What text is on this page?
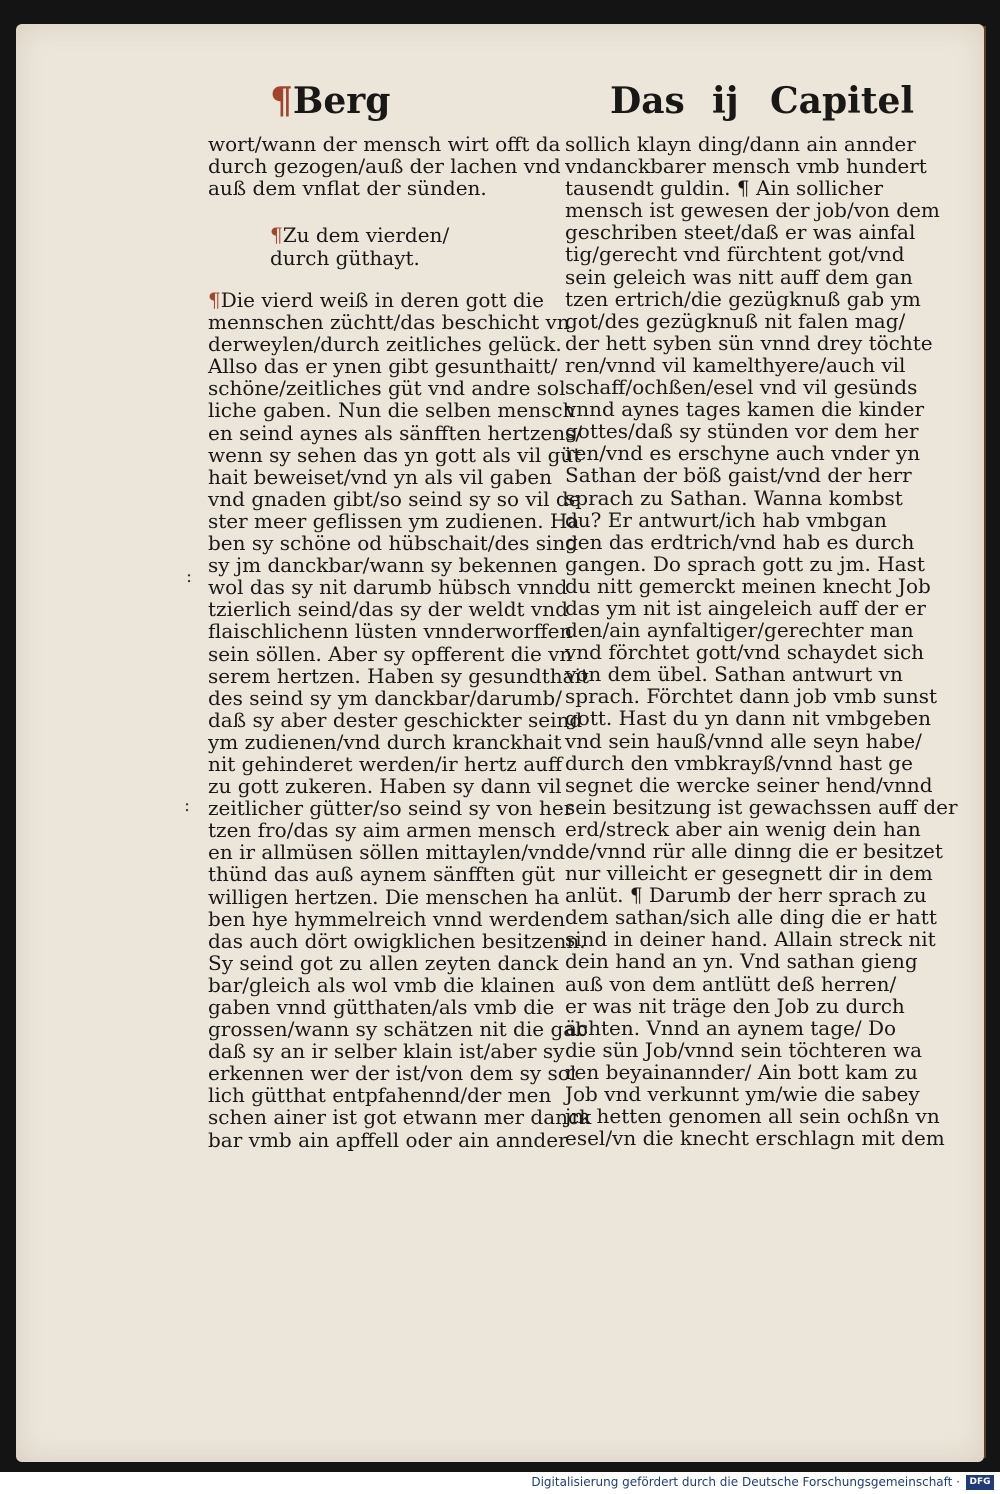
¶Berg	Das ij Capitel
wort/wann der mensch wirt offt da
durch gezogen/auß der lachen vnd
auß dem vnflat der sünden.
¶Zu dem vierden/
durch güthayt.
¶Die vierd weiß in deren gott die
mennschen züchtt/das beschicht vn
derweylen/durch zeitliches gelück.
Allso das er ynen gibt gesunthaitt/
schöne/zeitliches güt vnd andre sol
liche gaben. Nun die selben mensch
en seind aynes als sänfften hertzens/
wenn sy sehen das yn gott als vil güt
hait beweiset/vnd yn als vil gaben
vnd gnaden gibt/so seind sy so vil de
ster meer geflissen ym zudienen. Ha
ben sy schöne od hübschait/des sind
sy jm danckbar/wann sy bekennen
wol das sy nit darumb hübsch vnnd
tzierlich seind/das sy der weldt vnd
flaischlichenn lüsten vnnderworffen
sein söllen. Aber sy opfferent die vn
serem hertzen. Haben sy gesundthait
des seind sy ym danckbar/darumb/
daß sy aber dester geschickter seind
ym zudienen/vnd durch kranckhait
nit gehinderet werden/ir hertz auff
zu gott zukeren. Haben sy dann vil
zeitlicher gütter/so seind sy von her
tzen fro/das sy aim armen mensch
en ir allmüsen söllen mittaylen/vnd
thünd das auß aynem sänfften güt
willigen hertzen. Die menschen ha
ben hye hymmelreich vnnd werden
das auch dört owigklichen besitzenn.
Sy seind got zu allen zeyten danck
bar/gleich als wol vmb die klainen
gaben vnnd gütthaten/als vmb die
grossen/wann sy schätzen nit die gab
daß sy an ir selber klain ist/aber sy
erkennen wer der ist/von dem sy sol
lich gütthat entpfahennd/der men
schen ainer ist got etwann mer danck
bar vmb ain apffell oder ain annder
sollich klayn ding/dann ain annder
vndanckbarer mensch vmb hundert
tausendt guldin. ¶ Ain sollicher
mensch ist gewesen der job/von dem
geschriben steet/daß er was ainfal
tig/gerecht vnd fürchtent got/vnd
sein geleich was nitt auff dem gan
tzen ertrich/die gezügknuß gab ym
got/des gezügknuß nit falen mag/
der hett syben sün vnnd drey töchte
ren/vnnd vil kamelthyere/auch vil
schaff/ochßen/esel vnd vil gesünds
vnnd aynes tages kamen die kinder
gottes/daß sy stünden vor dem her
ren/vnd es erschyne auch vnder yn
Sathan der böß gaist/vnd der herr
sprach zu Sathan. Wanna kombst
du? Er antwurt/ich hab vmbgan
gen das erdtrich/vnd hab es durch
gangen. Do sprach gott zu jm. Hast
du nitt gemerckt meinen knecht Job
das ym nit ist aingeleich auff der er
den/ain aynfaltiger/gerechter man
vnd förchtet gott/vnd schaydet sich
von dem übel. Sathan antwurt vn
sprach. Förchtet dann job vmb sunst
gott. Hast du yn dann nit vmbgeben
vnd sein hauß/vnnd alle seyn habe/
durch den vmbkrayß/vnnd hast ge
segnet die wercke seiner hend/vnnd
sein besitzung ist gewachssen auff der
erd/streck aber ain wenig dein han
de/vnnd rür alle dinng die er besitzet
nur villeicht er gesegnett dir in dem
anlüt. ¶ Darumb der herr sprach zu
dem sathan/sich alle ding die er hatt
sind in deiner hand. Allain streck nit
dein hand an yn. Vnd sathan gieng
auß von dem antlütt deß herren/
er was nit träge den Job zu durch
ächten. Vnnd an aynem tage/ Do
die sün Job/vnnd sein töchteren wa
ren beyainannder/ Ain bott kam zu
Job vnd verkunnt ym/wie die sabey
jm hetten genomen all sein ochßn vn
esel/vn die knecht erschlagn mit dem
:
:
Digitalisierung gefördert durch die Deutsche Forschungsgemeinschaft ·	DFG
